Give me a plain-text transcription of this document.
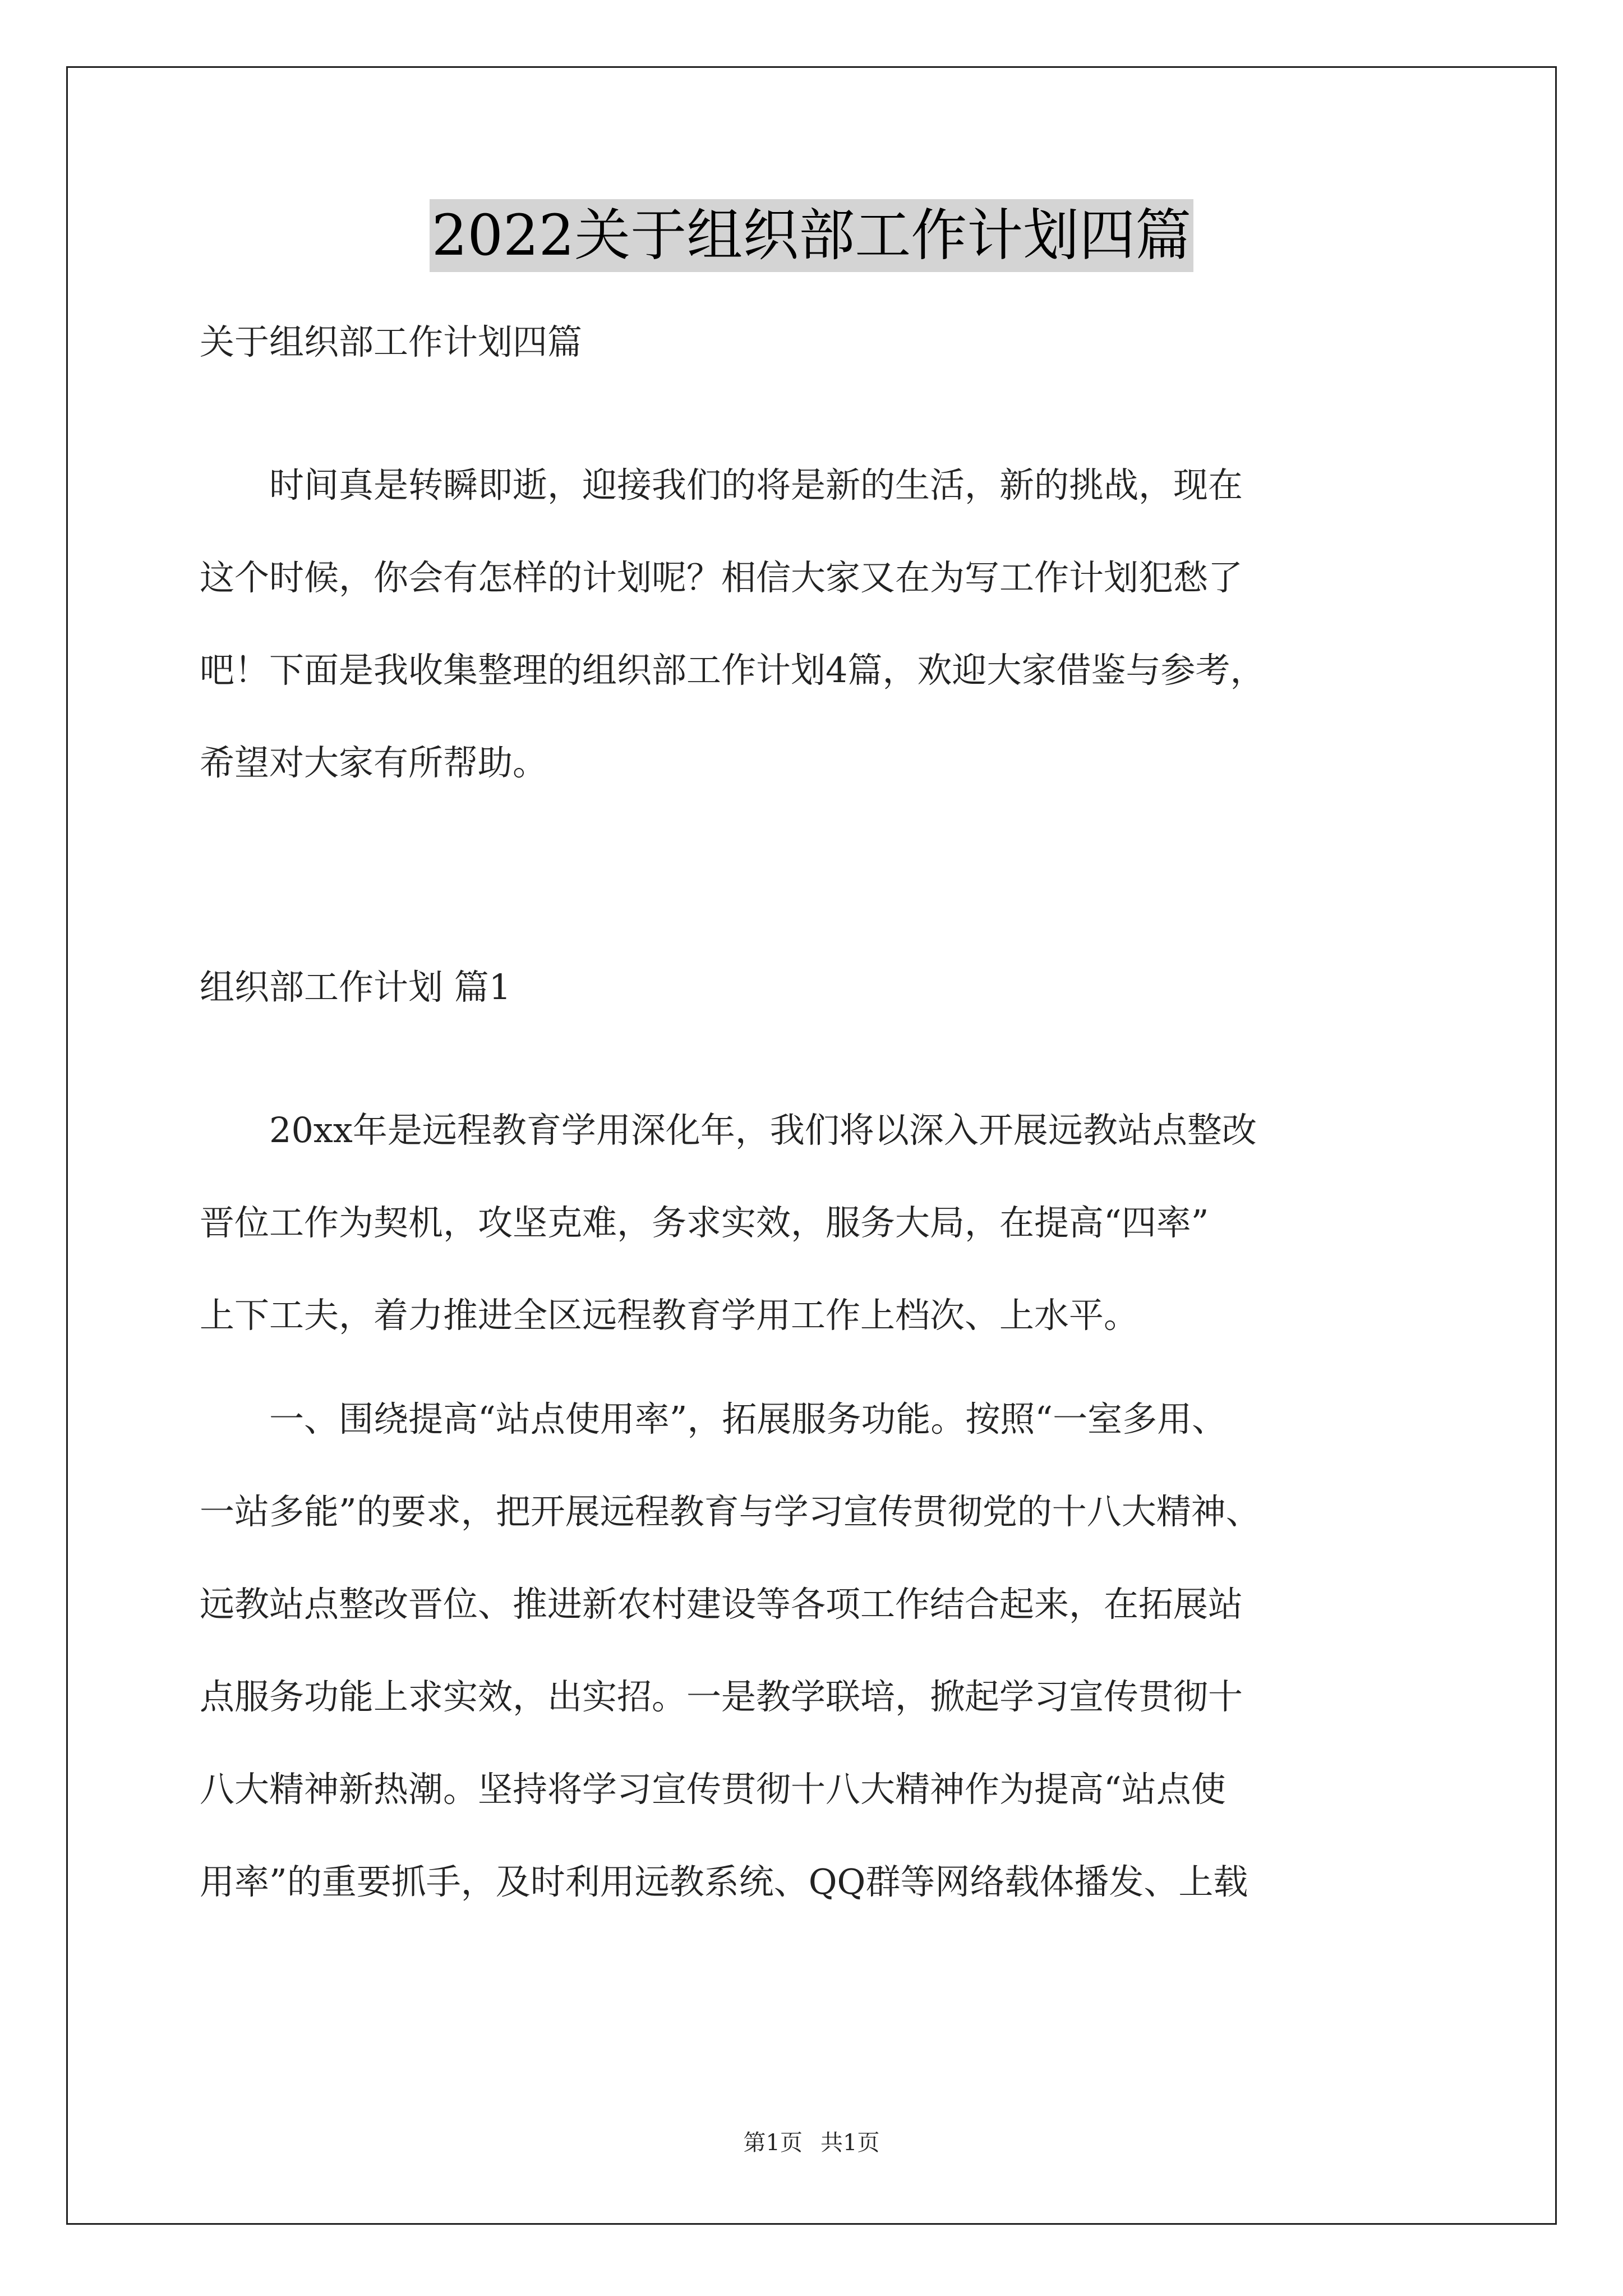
2022关于组织部工作计划四篇

关于组织部工作计划四篇

　　时间真是转瞬即逝，迎接我们的将是新的生活，新的挑战，现在

这个时候，你会有怎样的计划呢？相信大家又在为写工作计划犯愁了

吧！下面是我收集整理的组织部工作计划4篇，欢迎大家借鉴与参考，

希望对大家有所帮助。

组织部工作计划 篇1

　　20xx年是远程教育学用深化年，我们将以深入开展远教站点整改

晋位工作为契机，攻坚克难，务求实效，服务大局，在提高“四率”

上下工夫，着力推进全区远程教育学用工作上档次、上水平。

　　一、围绕提高“站点使用率”，拓展服务功能。按照“一室多用、

一站多能”的要求，把开展远程教育与学习宣传贯彻党的十八大精神、

远教站点整改晋位、推进新农村建设等各项工作结合起来，在拓展站

点服务功能上求实效，出实招。一是教学联培，掀起学习宣传贯彻十

八大精神新热潮。坚持将学习宣传贯彻十八大精神作为提高“站点使

用率”的重要抓手，及时利用远教系统、QQ群等网络载体播发、上载

第1页 共1页
